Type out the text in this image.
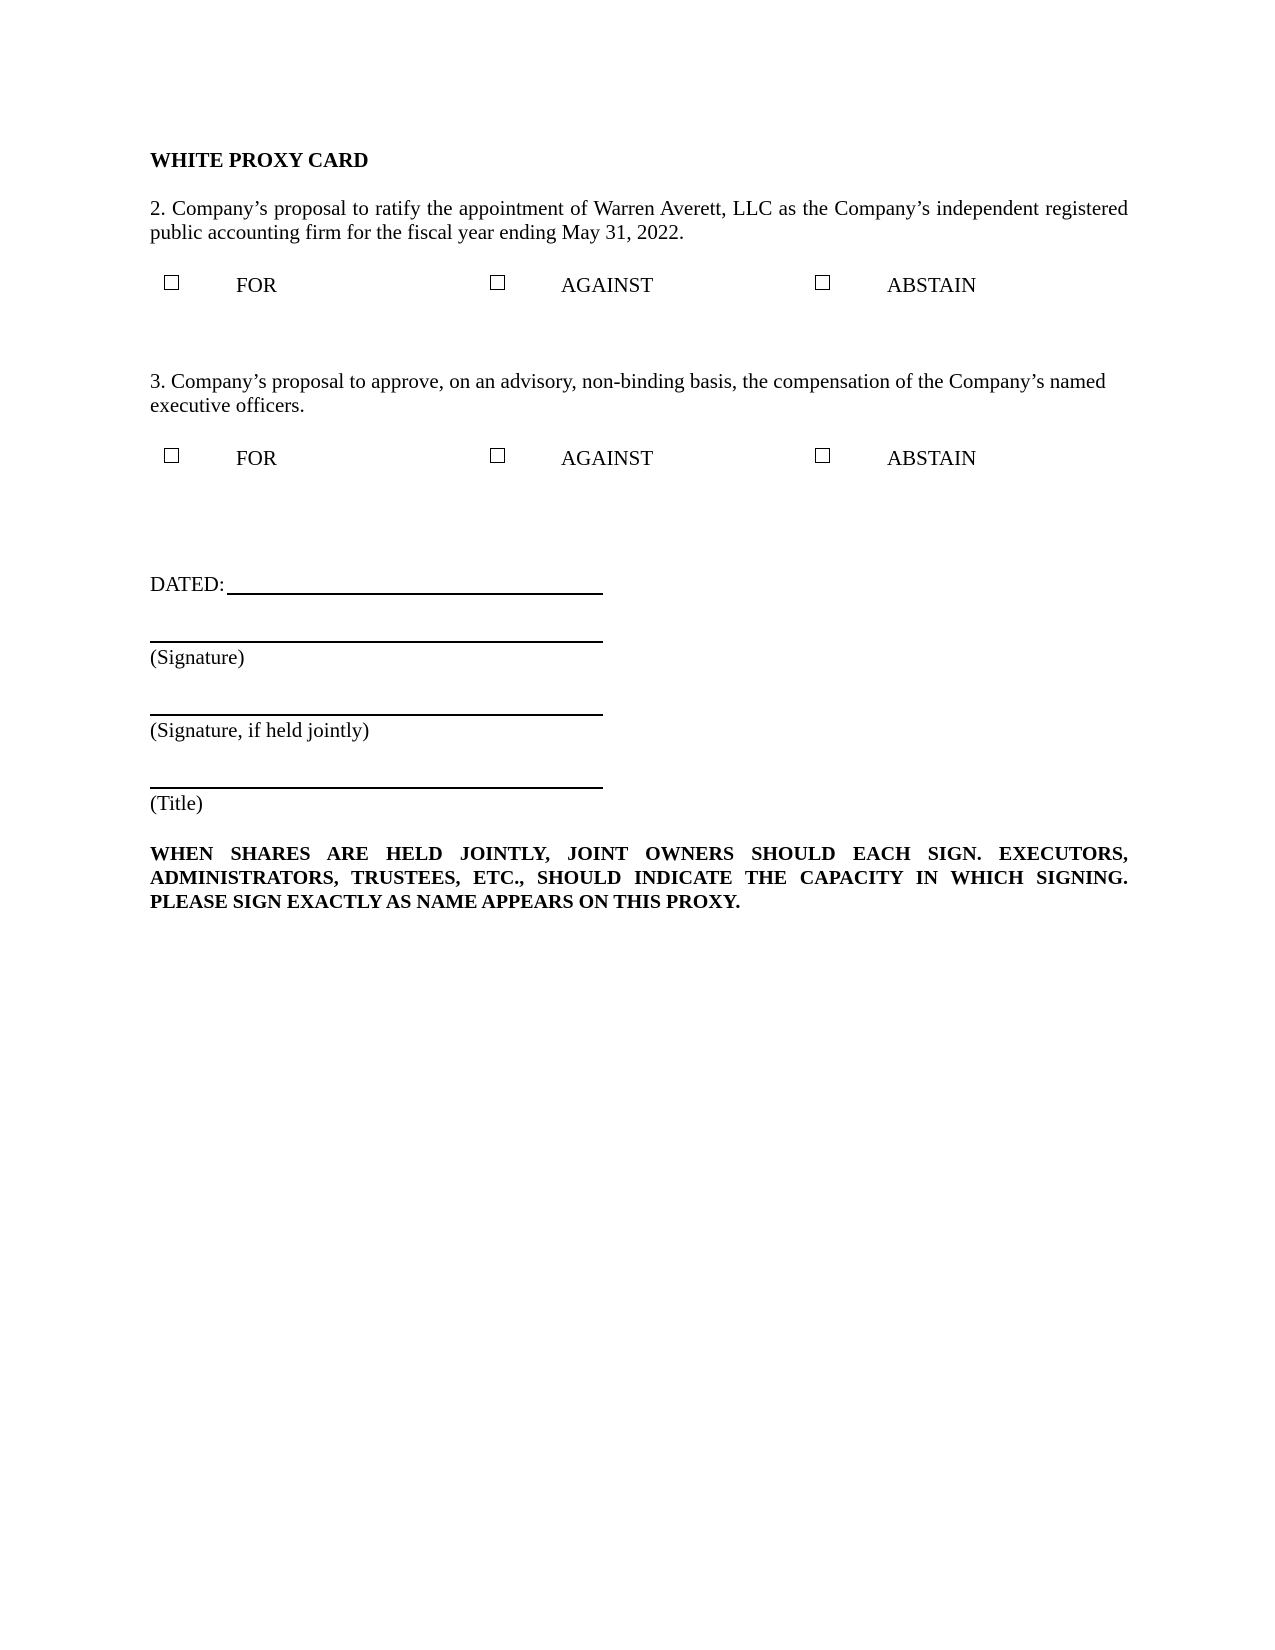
WHITE PROXY CARD
2. Company’s proposal to ratify the appointment of Warren Averett, LLC as the Company’s independent registered public accounting firm for the fiscal year ending May 31, 2022.
FOR	AGAINST	ABSTAIN
3. Company’s proposal to approve, on an advisory, non-binding basis, the compensation of the Company’s named executive officers.
FOR	AGAINST	ABSTAIN
DATED:
(Signature)
(Signature, if held jointly)
(Title)
WHEN SHARES ARE HELD JOINTLY, JOINT OWNERS SHOULD EACH SIGN. EXECUTORS, ADMINISTRATORS, TRUSTEES, ETC., SHOULD INDICATE THE CAPACITY IN WHICH SIGNING. PLEASE SIGN EXACTLY AS NAME APPEARS ON THIS PROXY.
